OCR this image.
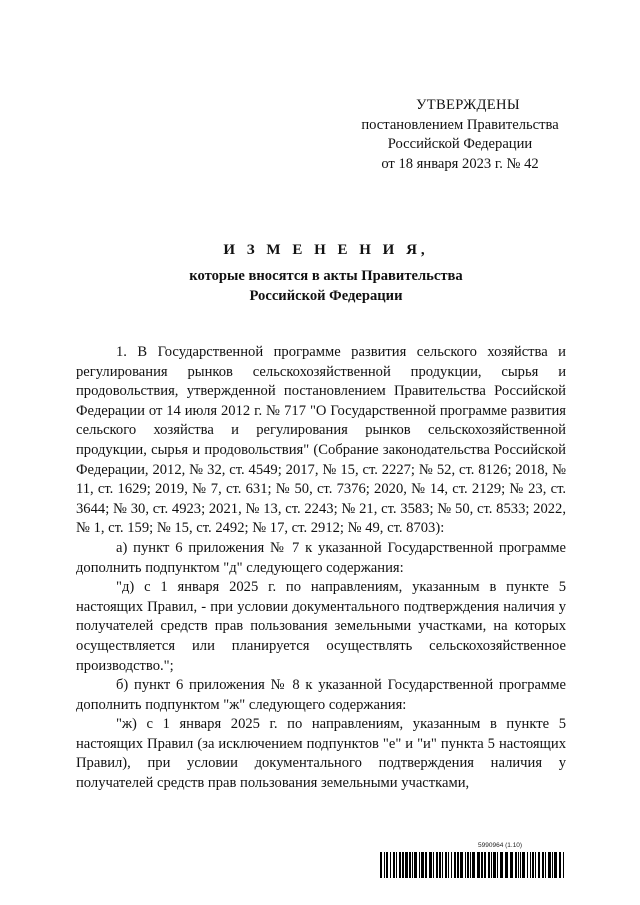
УТВЕРЖДЕНЫ
постановлением Правительства
Российской Федерации
от 18 января 2023 г. № 42
И З М Е Н Е Н И Я,
которые вносятся в акты Правительства
Российской Федерации

1. В Государственной программе развития сельского хозяйства и регулирования рынков сельскохозяйственной продукции, сырья и продовольствия, утвержденной постановлением Правительства Российской Федерации от 14 июля 2012 г. № 717 "О Государственной программе развития сельского хозяйства и регулирования рынков сельскохозяйственной продукции, сырья и продовольствия" (Собрание законодательства Российской Федерации, 2012, № 32, ст. 4549; 2017, № 15, ст. 2227; № 52, ст. 8126; 2018, № 11, ст. 1629; 2019, № 7, ст. 631; № 50, ст. 7376; 2020, № 14, ст. 2129; № 23, ст. 3644; № 30, ст. 4923; 2021, № 13, ст. 2243; № 21, ст. 3583; № 50, ст. 8533; 2022, № 1, ст. 159; № 15, ст. 2492; № 17, ст. 2912; № 49, ст. 8703):

а) пункт 6 приложения № 7 к указанной Государственной программе дополнить подпунктом "д" следующего содержания:

"д) с 1 января 2025 г. по направлениям, указанным в пункте 5 настоящих Правил, - при условии документального подтверждения наличия у получателей средств прав пользования земельными участками, на которых осуществляется или планируется осуществлять сельскохозяйственное производство.";

б) пункт 6 приложения № 8 к указанной Государственной программе дополнить подпунктом "ж" следующего содержания:

"ж) с 1 января 2025 г. по направлениям, указанным в пункте 5 настоящих Правил (за исключением подпунктов "е" и "и" пункта 5 настоящих Правил), при условии документального подтверждения наличия у получателей средств прав пользования земельными участками,

5990964 (1.10)
